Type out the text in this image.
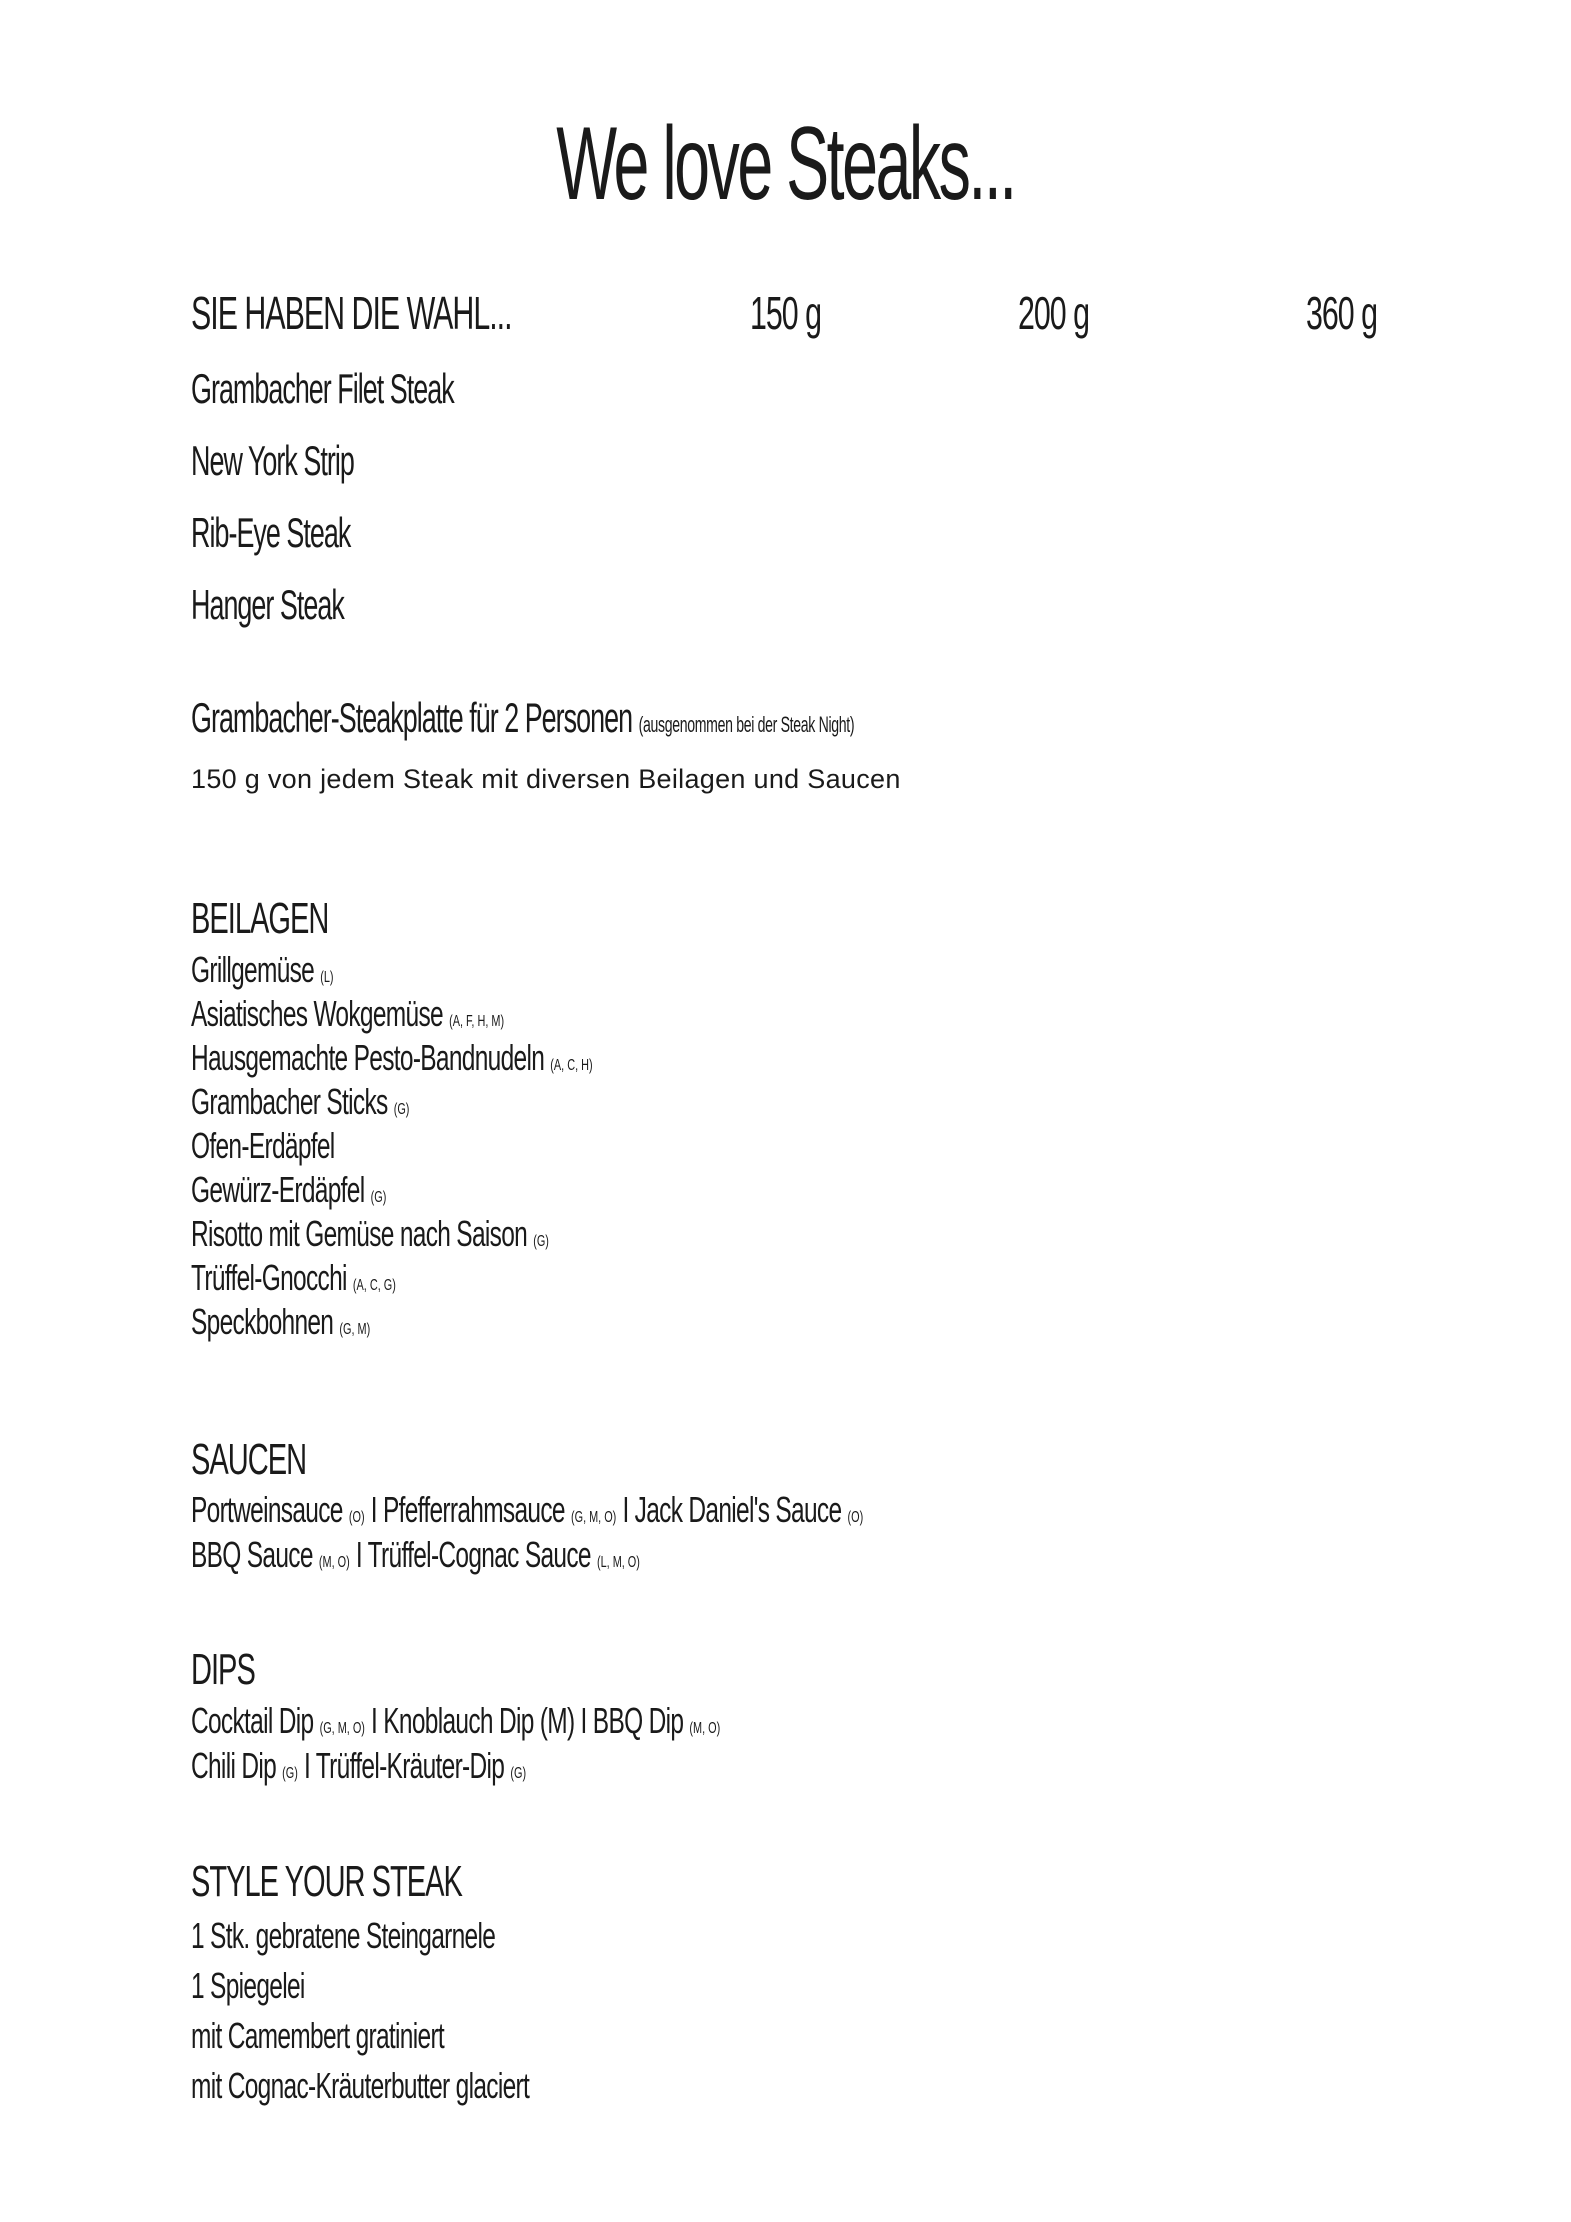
We love Steaks...
SIE HABEN DIE WAHL...	150 g	200 g	360 g
Grambacher Filet Steak
New York Strip
Rib-Eye Steak
Hanger Steak
Grambacher-Steakplatte für 2 Personen (ausgenommen bei der Steak Night)
150 g von jedem Steak mit diversen Beilagen und Saucen
BEILAGEN
Grillgemüse (L)
Asiatisches Wokgemüse (A, F, H, M)
Hausgemachte Pesto-Bandnudeln (A, C, H)
Grambacher Sticks (G)
Ofen-Erdäpfel
Gewürz-Erdäpfel (G)
Risotto mit Gemüse nach Saison (G)
Trüffel-Gnocchi (A, C, G)
Speckbohnen (G, M)
SAUCEN
Portweinsauce (O) I Pfefferrahmsauce (G, M, O) I Jack Daniel's Sauce (O)
BBQ Sauce (M, O) I Trüffel-Cognac Sauce (L, M, O)
DIPS
Cocktail Dip (G, M, O) I Knoblauch Dip (M) I BBQ Dip (M, O)
Chili Dip (G) I Trüffel-Kräuter-Dip (G)
STYLE YOUR STEAK
1 Stk. gebratene Steingarnele
1 Spiegelei
mit Camembert gratiniert
mit Cognac-Kräuterbutter glaciert
